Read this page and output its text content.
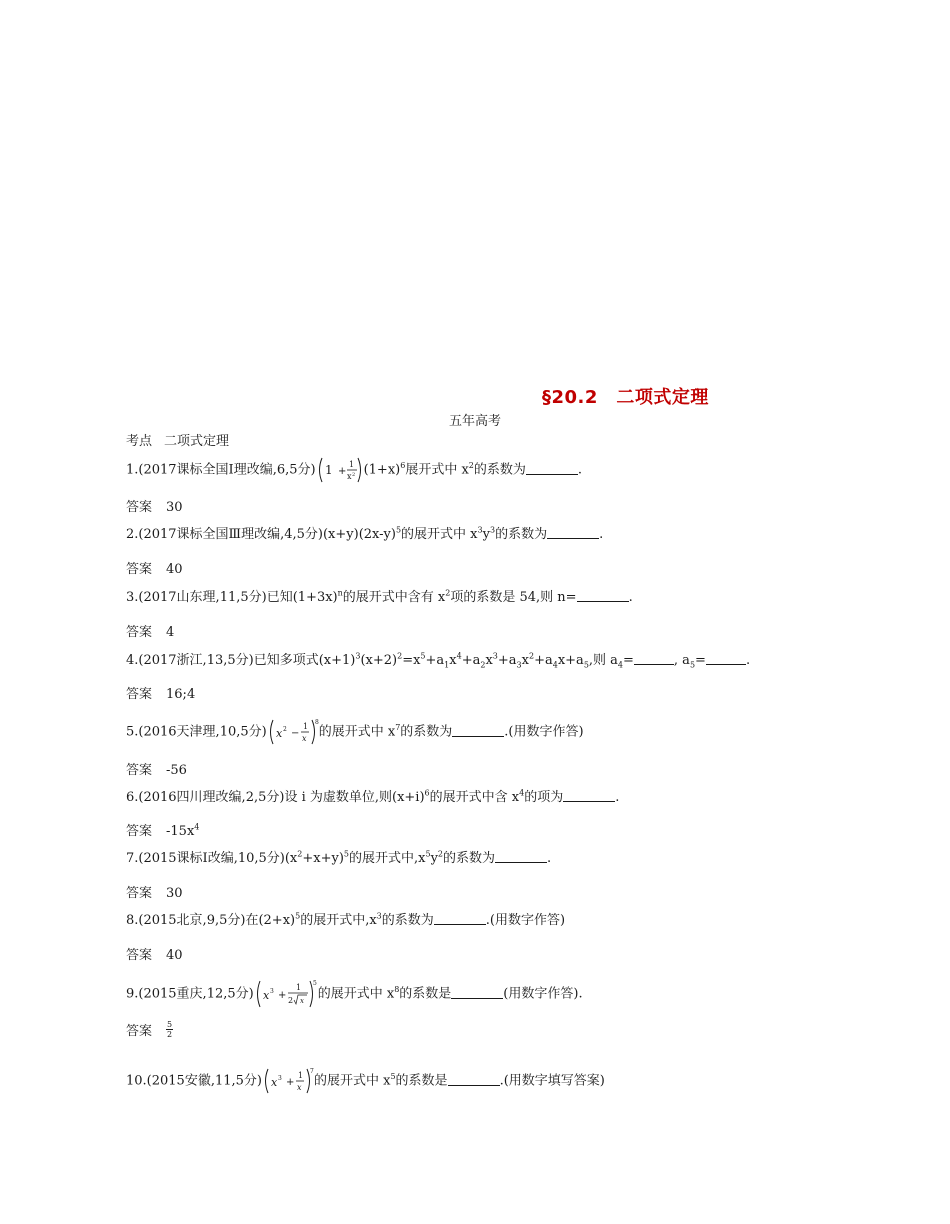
§20.2　二项式定理
五年高考
考点 二项式定理
1.(2017课标全国Ⅰ理改编,6,5分) 1 +
1
x 2 $(1+x)^6$展开式中 $x^2$的系数为	.
答案 30
2.(2017课标全国Ⅲ理改编,4,5分)$(x+y)(2x-y)^5$的展开式中 $x^3y^3$的系数为	.
答案 40
3.(2017山东理,11,5分)已知$(1+3x)^n$的展开式中含有 $x^2$项的系数是 54,则 n=	.
答案 4
4.(2017浙江,13,5分)已知多项式$(x+1)^3(x+2)^2=x^5+a_1x^4+a_2x^3+a_3x^2+a_4x+a_5$,则 $a_4=$	, $a_5=$	.
答案 16;4
5.(2016天津理,10,5分) x 2 −
1
x
8
的展开式中 $x^7$的系数为	.(用数字作答)
答案 -56
6.(2016四川理改编,2,5分)设 i 为虚数单位,则$(x+i)^6$的展开式中含 $x^4$的项为	.
答案 $-15x^4$
7.(2015课标Ⅰ改编,10,5分)$(x^2+x+y)^5$的展开式中$,x^5y^2$的系数为	.
答案 30
8.(2015北京,9,5分)在$(2+x)^5$的展开式中$,x^3$的系数为	.(用数字作答)
答案 40
9.(2015重庆,12,5分) x 3 +
1
2 x
5
的展开式中 $x^8$的系数是	(用数字作答).
答案 $\frac{5}{2}$
10.(2015安徽,11,5分) x 3 +
1
x
7
的展开式中 $x^5$的系数是	.(用数字填写答案)
